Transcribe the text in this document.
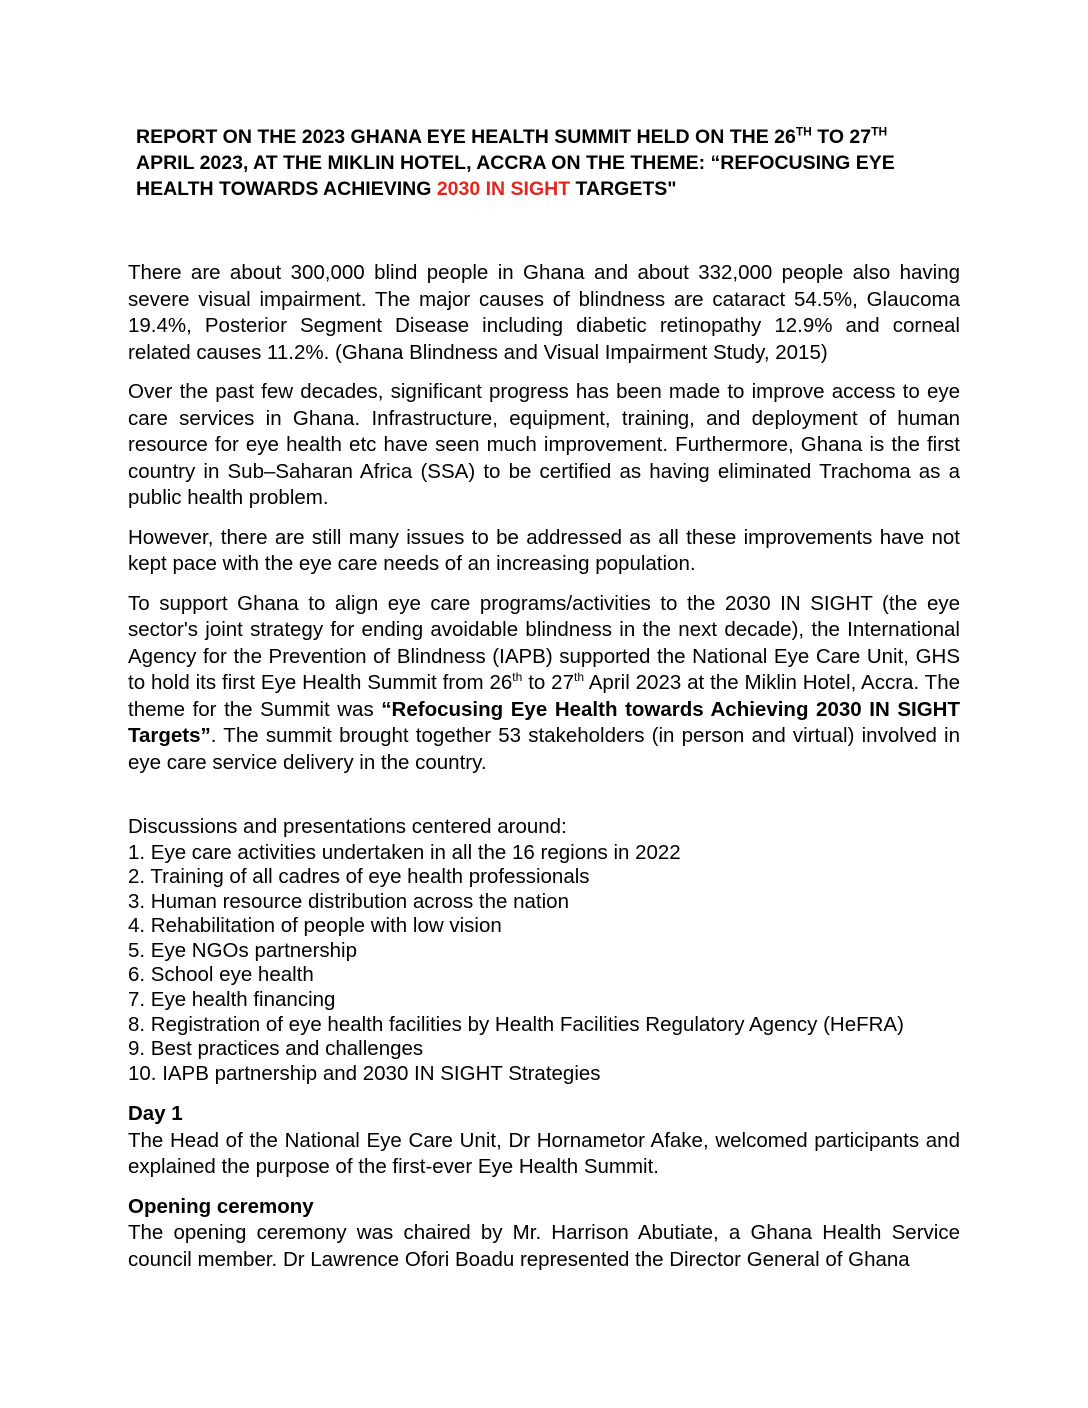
REPORT ON THE 2023 GHANA EYE HEALTH SUMMIT HELD ON THE 26TH TO 27TH APRIL 2023, AT THE MIKLIN HOTEL, ACCRA ON THE THEME: “REFOCUSING EYE HEALTH TOWARDS ACHIEVING 2030 IN SIGHT TARGETS"

There are about 300,000 blind people in Ghana and about 332,000 people also having severe visual impairment. The major causes of blindness are cataract 54.5%, Glaucoma 19.4%, Posterior Segment Disease including diabetic retinopathy 12.9% and corneal related causes 11.2%. (Ghana Blindness and Visual Impairment Study, 2015)

Over the past few decades, significant progress has been made to improve access to eye care services in Ghana. Infrastructure, equipment, training, and deployment of human resource for eye health etc have seen much improvement. Furthermore, Ghana is the first country in Sub–Saharan Africa (SSA) to be certified as having eliminated Trachoma as a public health problem.

However, there are still many issues to be addressed as all these improvements have not kept pace with the eye care needs of an increasing population.

To support Ghana to align eye care programs/activities to the 2030 IN SIGHT (the eye sector's joint strategy for ending avoidable blindness in the next decade), the International Agency for the Prevention of Blindness (IAPB) supported the National Eye Care Unit, GHS to hold its first Eye Health Summit from 26th to 27th April 2023 at the Miklin Hotel, Accra. The theme for the Summit was “Refocusing Eye Health towards Achieving 2030 IN SIGHT Targets”. The summit brought together 53 stakeholders (in person and virtual) involved in eye care service delivery in the country.

Discussions and presentations centered around:

1. Eye care activities undertaken in all the 16 regions in 2022
2. Training of all cadres of eye health professionals
3. Human resource distribution across the nation
4. Rehabilitation of people with low vision
5. Eye NGOs partnership
6. School eye health
7. Eye health financing
8. Registration of eye health facilities by Health Facilities Regulatory Agency (HeFRA)
9. Best practices and challenges
10. IAPB partnership and 2030 IN SIGHT Strategies

Day 1

The Head of the National Eye Care Unit, Dr Hornametor Afake, welcomed participants and explained the purpose of the first-ever Eye Health Summit.

Opening ceremony

The opening ceremony was chaired by Mr. Harrison Abutiate, a Ghana Health Service council member. Dr Lawrence Ofori Boadu represented the Director General of Ghana
